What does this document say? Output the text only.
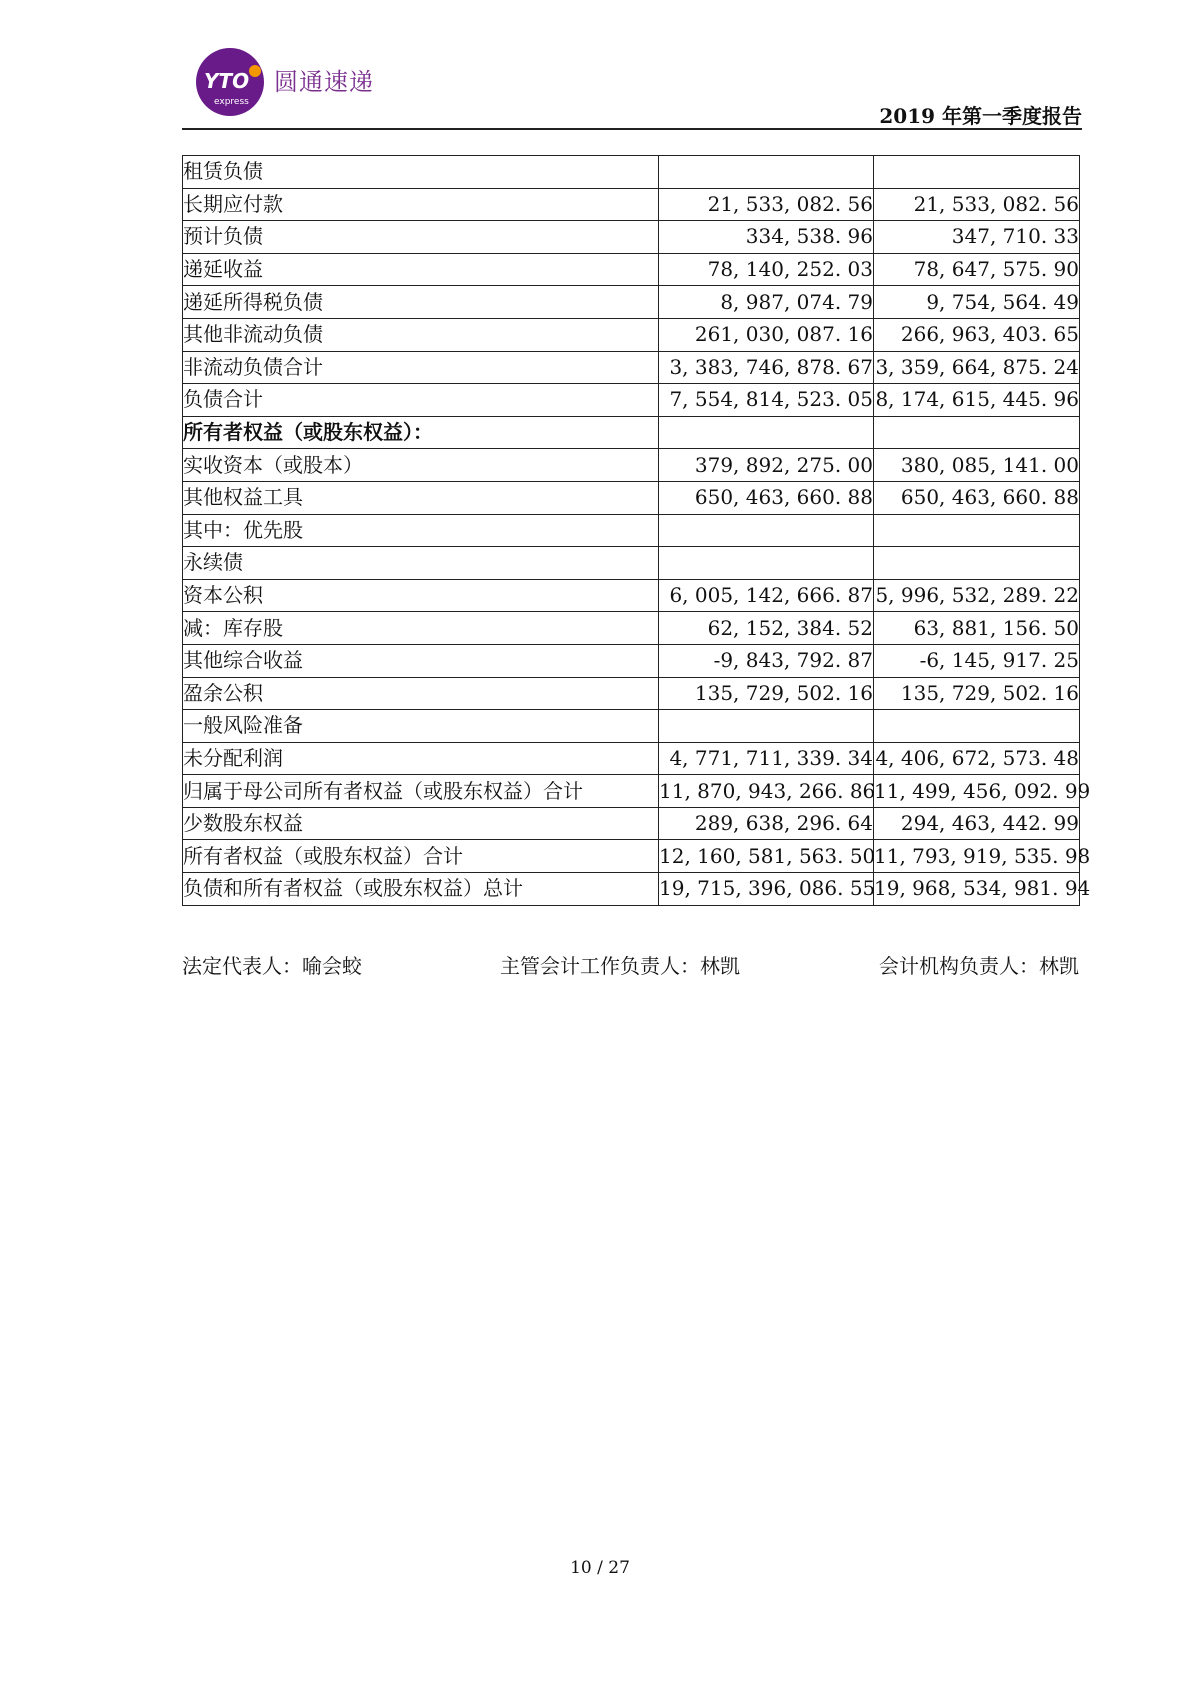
YTO
express
圆通速递
2019 年第一季度报告
租赁负债		
长期应付款	21, 533, 082. 56	21, 533, 082. 56
预计负债	334, 538. 96	347, 710. 33
递延收益	78, 140, 252. 03	78, 647, 575. 90
递延所得税负债	8, 987, 074. 79	9, 754, 564. 49
其他非流动负债	261, 030, 087. 16	266, 963, 403. 65
非流动负债合计	3, 383, 746, 878. 67	3, 359, 664, 875. 24
负债合计	7, 554, 814, 523. 05	8, 174, 615, 445. 96
所有者权益（或股东权益）：		
实收资本（或股本）	379, 892, 275. 00	380, 085, 141. 00
其他权益工具	650, 463, 660. 88	650, 463, 660. 88
其中：优先股		
永续债		
资本公积	6, 005, 142, 666. 87	5, 996, 532, 289. 22
减：库存股	62, 152, 384. 52	63, 881, 156. 50
其他综合收益	-9, 843, 792. 87	-6, 145, 917. 25
盈余公积	135, 729, 502. 16	135, 729, 502. 16
一般风险准备		
未分配利润	4, 771, 711, 339. 34	4, 406, 672, 573. 48
归属于母公司所有者权益（或股东权益）合计	11, 870, 943, 266. 86	11, 499, 456, 092. 99
少数股东权益	289, 638, 296. 64	294, 463, 442. 99
所有者权益（或股东权益）合计	12, 160, 581, 563. 50	11, 793, 919, 535. 98
负债和所有者权益（或股东权益）总计	19, 715, 396, 086. 55	19, 968, 534, 981. 94
法定代表人：喻会蛟	主管会计工作负责人：林凯	会计机构负责人：林凯
10 / 27
